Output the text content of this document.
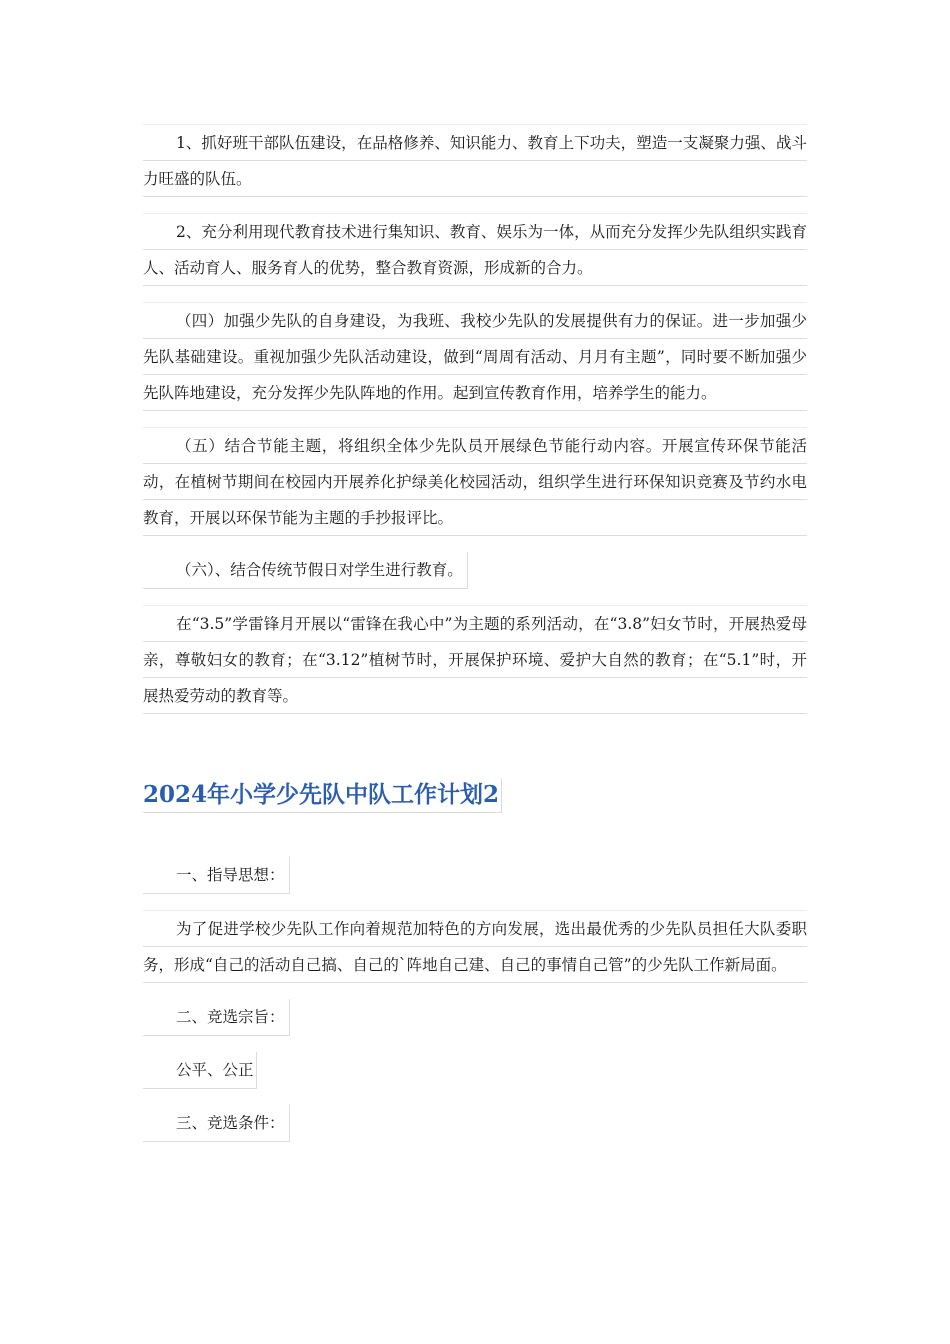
1、抓好班干部队伍建设，在品格修养、知识能力、教育上下功夫，塑造一支凝聚力强、战斗力旺盛的队伍。

2、充分利用现代教育技术进行集知识、教育、娱乐为一体，从而充分发挥少先队组织实践育人、活动育人、服务育人的优势，整合教育资源，形成新的合力。

（四）加强少先队的自身建设，为我班、我校少先队的发展提供有力的保证。进一步加强少先队基础建设。重视加强少先队活动建设，做到“周周有活动、月月有主题”，同时要不断加强少先队阵地建设，充分发挥少先队阵地的作用。起到宣传教育作用，培养学生的能力。

（五）结合节能主题，将组织全体少先队员开展绿色节能行动内容。开展宣传环保节能活动，在植树节期间在校园内开展养化护绿美化校园活动，组织学生进行环保知识竞赛及节约水电教育，开展以环保节能为主题的手抄报评比。

（六）、结合传统节假日对学生进行教育。

在“3.5”学雷锋月开展以“雷锋在我心中”为主题的系列活动，在“3.8”妇女节时，开展热爱母亲，尊敬妇女的教育；在“3.12”植树节时，开展保护环境、爱护大自然的教育；在“5.1”时，开展热爱劳动的教育等。

2024年小学少先队中队工作计划2

一、指导思想：

为了促进学校少先队工作向着规范加特色的方向发展，选出最优秀的少先队员担任大队委职务，形成“自己的活动自己搞、自己的`阵地自己建、自己的事情自己管”的少先队工作新局面。

二、竞选宗旨：

公平、公正

三、竞选条件：
